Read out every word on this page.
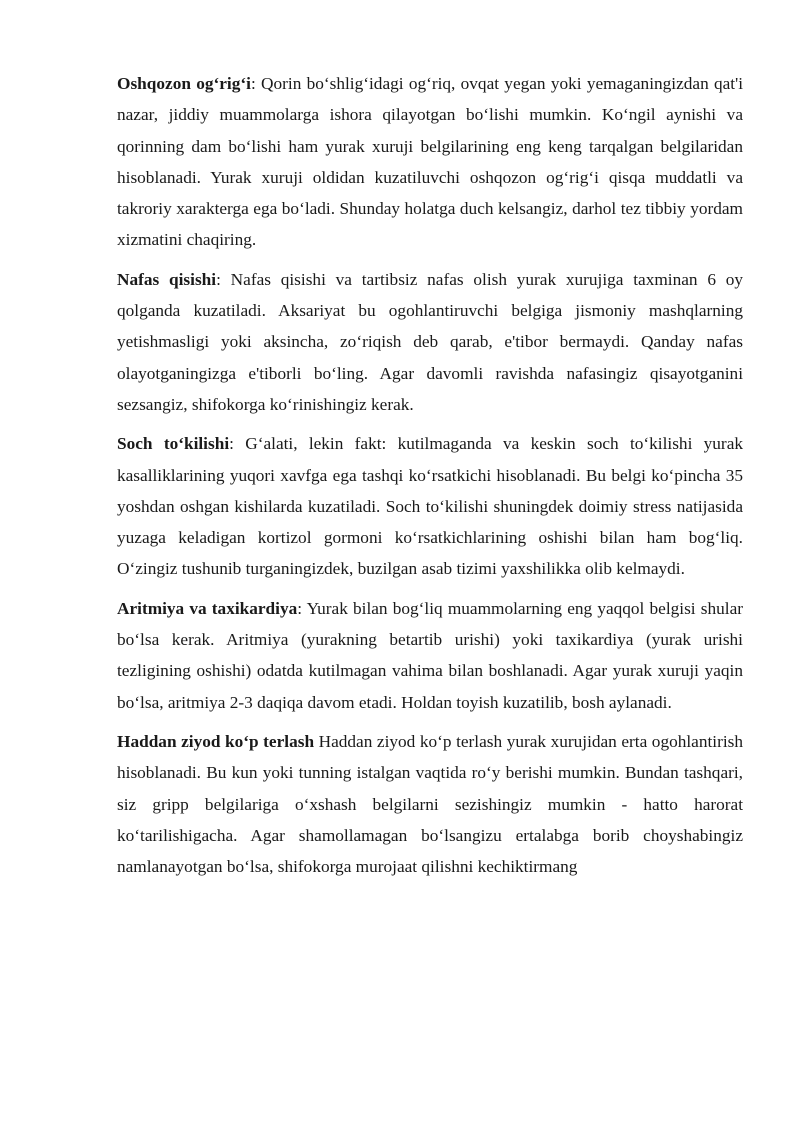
Oshqozon og‘rig‘i: Qorin bo‘shlig‘idagi og‘riq, ovqat yegan yoki yemaganingizdan qat'i nazar, jiddiy muammolarga ishora qilayotgan bo‘lishi mumkin. Ko‘ngil aynishi va qorinning dam bo‘lishi ham yurak xuruji belgilarining eng keng tarqalgan belgilaridan hisoblanadi. Yurak xuruji oldidan kuzatiluvchi oshqozon og‘rig‘i qisqa muddatli va takroriy xarakterga ega bo‘ladi. Shunday holatga duch kelsangiz, darhol tez tibbiy yordam xizmatini chaqiring.

Nafas qisishi: Nafas qisishi va tartibsiz nafas olish yurak xurujiga taxminan 6 oy qolganda kuzatiladi. Aksariyat bu ogohlantiruvchi belgiga jismoniy mashqlarning yetishmasligi yoki aksincha, zo‘riqish deb qarab, e'tibor bermaydi. Qanday nafas olayotganingizga e'tiborli bo‘ling. Agar davomli ravishda nafasingiz qisayotganini sezsangiz, shifokorga ko‘rinishingiz kerak.

Soch to‘kilishi: G‘alati, lekin fakt: kutilmaganda va keskin soch to‘kilishi yurak kasalliklarining yuqori xavfga ega tashqi ko‘rsatkichi hisoblanadi. Bu belgi ko‘pincha 35 yoshdan oshgan kishilarda kuzatiladi. Soch to‘kilishi shuningdek doimiy stress natijasida yuzaga keladigan kortizol gormoni ko‘rsatkichlarining oshishi bilan ham bog‘liq. O‘zingiz tushunib turganingizdek, buzilgan asab tizimi yaxshilikka olib kelmaydi.

Aritmiya va taxikardiya: Yurak bilan bog‘liq muammolarning eng yaqqol belgisi shular bo‘lsa kerak. Aritmiya (yurakning betartib urishi) yoki taxikardiya (yurak urishi tezligining oshishi) odatda kutilmagan vahima bilan boshlanadi. Agar yurak xuruji yaqin bo‘lsa, aritmiya 2-3 daqiqa davom etadi. Holdan toyish kuzatilib, bosh aylanadi.

Haddan ziyod ko‘p terlash Haddan ziyod ko‘p terlash yurak xurujidan erta ogohlantirish hisoblanadi. Bu kun yoki tunning istalgan vaqtida ro‘y berishi mumkin. Bundan tashqari, siz gripp belgilariga o‘xshash belgilarni sezishingiz mumkin - hatto harorat ko‘tarilishigacha. Agar shamollamagan bo‘lsangizu ertalabga borib choyshabingiz namlanayotgan bo‘lsa, shifokorga murojaat qilishni kechiktirmang
